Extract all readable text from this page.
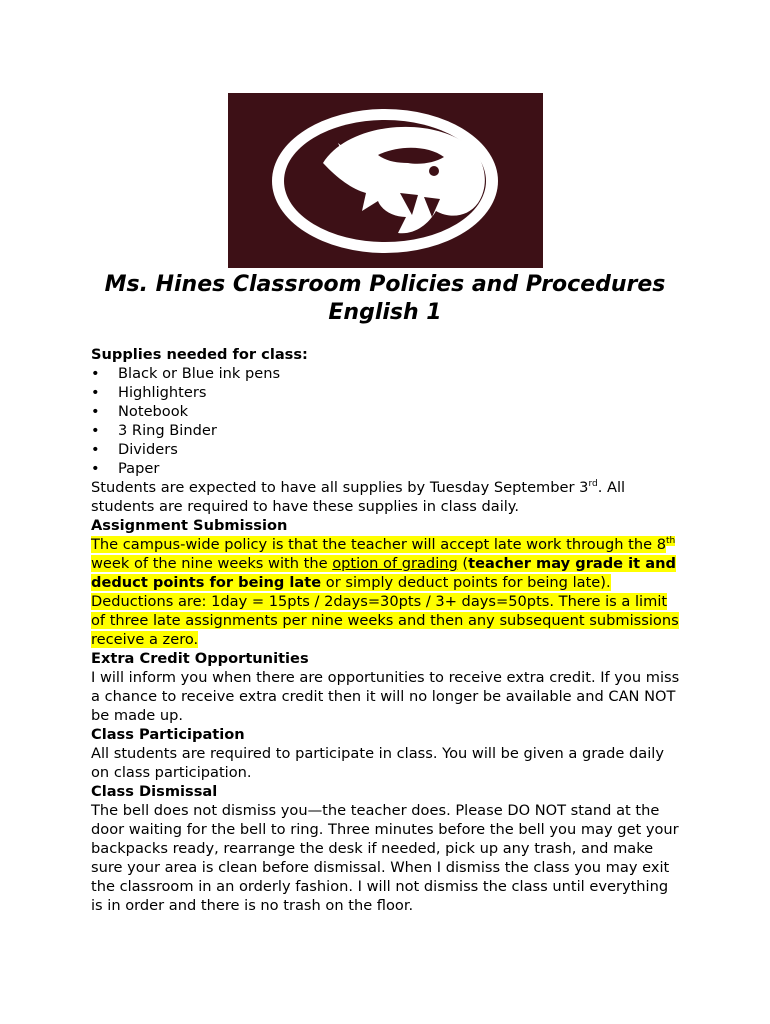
Ms. Hines Classroom Policies and Procedures
English 1

Supplies needed for class:

• Black or Blue ink pens
• Highlighters
• Notebook
• 3 Ring Binder
• Dividers
• Paper

Students are expected to have all supplies by Tuesday September 3rd. All students are required to have these supplies in class daily.

Assignment Submission

The campus-wide policy is that the teacher will accept late work through the 8th week of the nine weeks with the option of grading (teacher may grade it and deduct points for being late or simply deduct points for being late). Deductions are: 1day = 15pts / 2days=30pts / 3+ days=50pts. There is a limit of three late assignments per nine weeks and then any subsequent submissions receive a zero.

Extra Credit Opportunities

I will inform you when there are opportunities to receive extra credit. If you miss a chance to receive extra credit then it will no longer be available and CAN NOT be made up.

Class Participation

All students are required to participate in class. You will be given a grade daily on class participation.

Class Dismissal

The bell does not dismiss you—the teacher does. Please DO NOT stand at the door waiting for the bell to ring. Three minutes before the bell you may get your backpacks ready, rearrange the desk if needed, pick up any trash, and make sure your area is clean before dismissal. When I dismiss the class you may exit the classroom in an orderly fashion. I will not dismiss the class until everything is in order and there is no trash on the floor.
